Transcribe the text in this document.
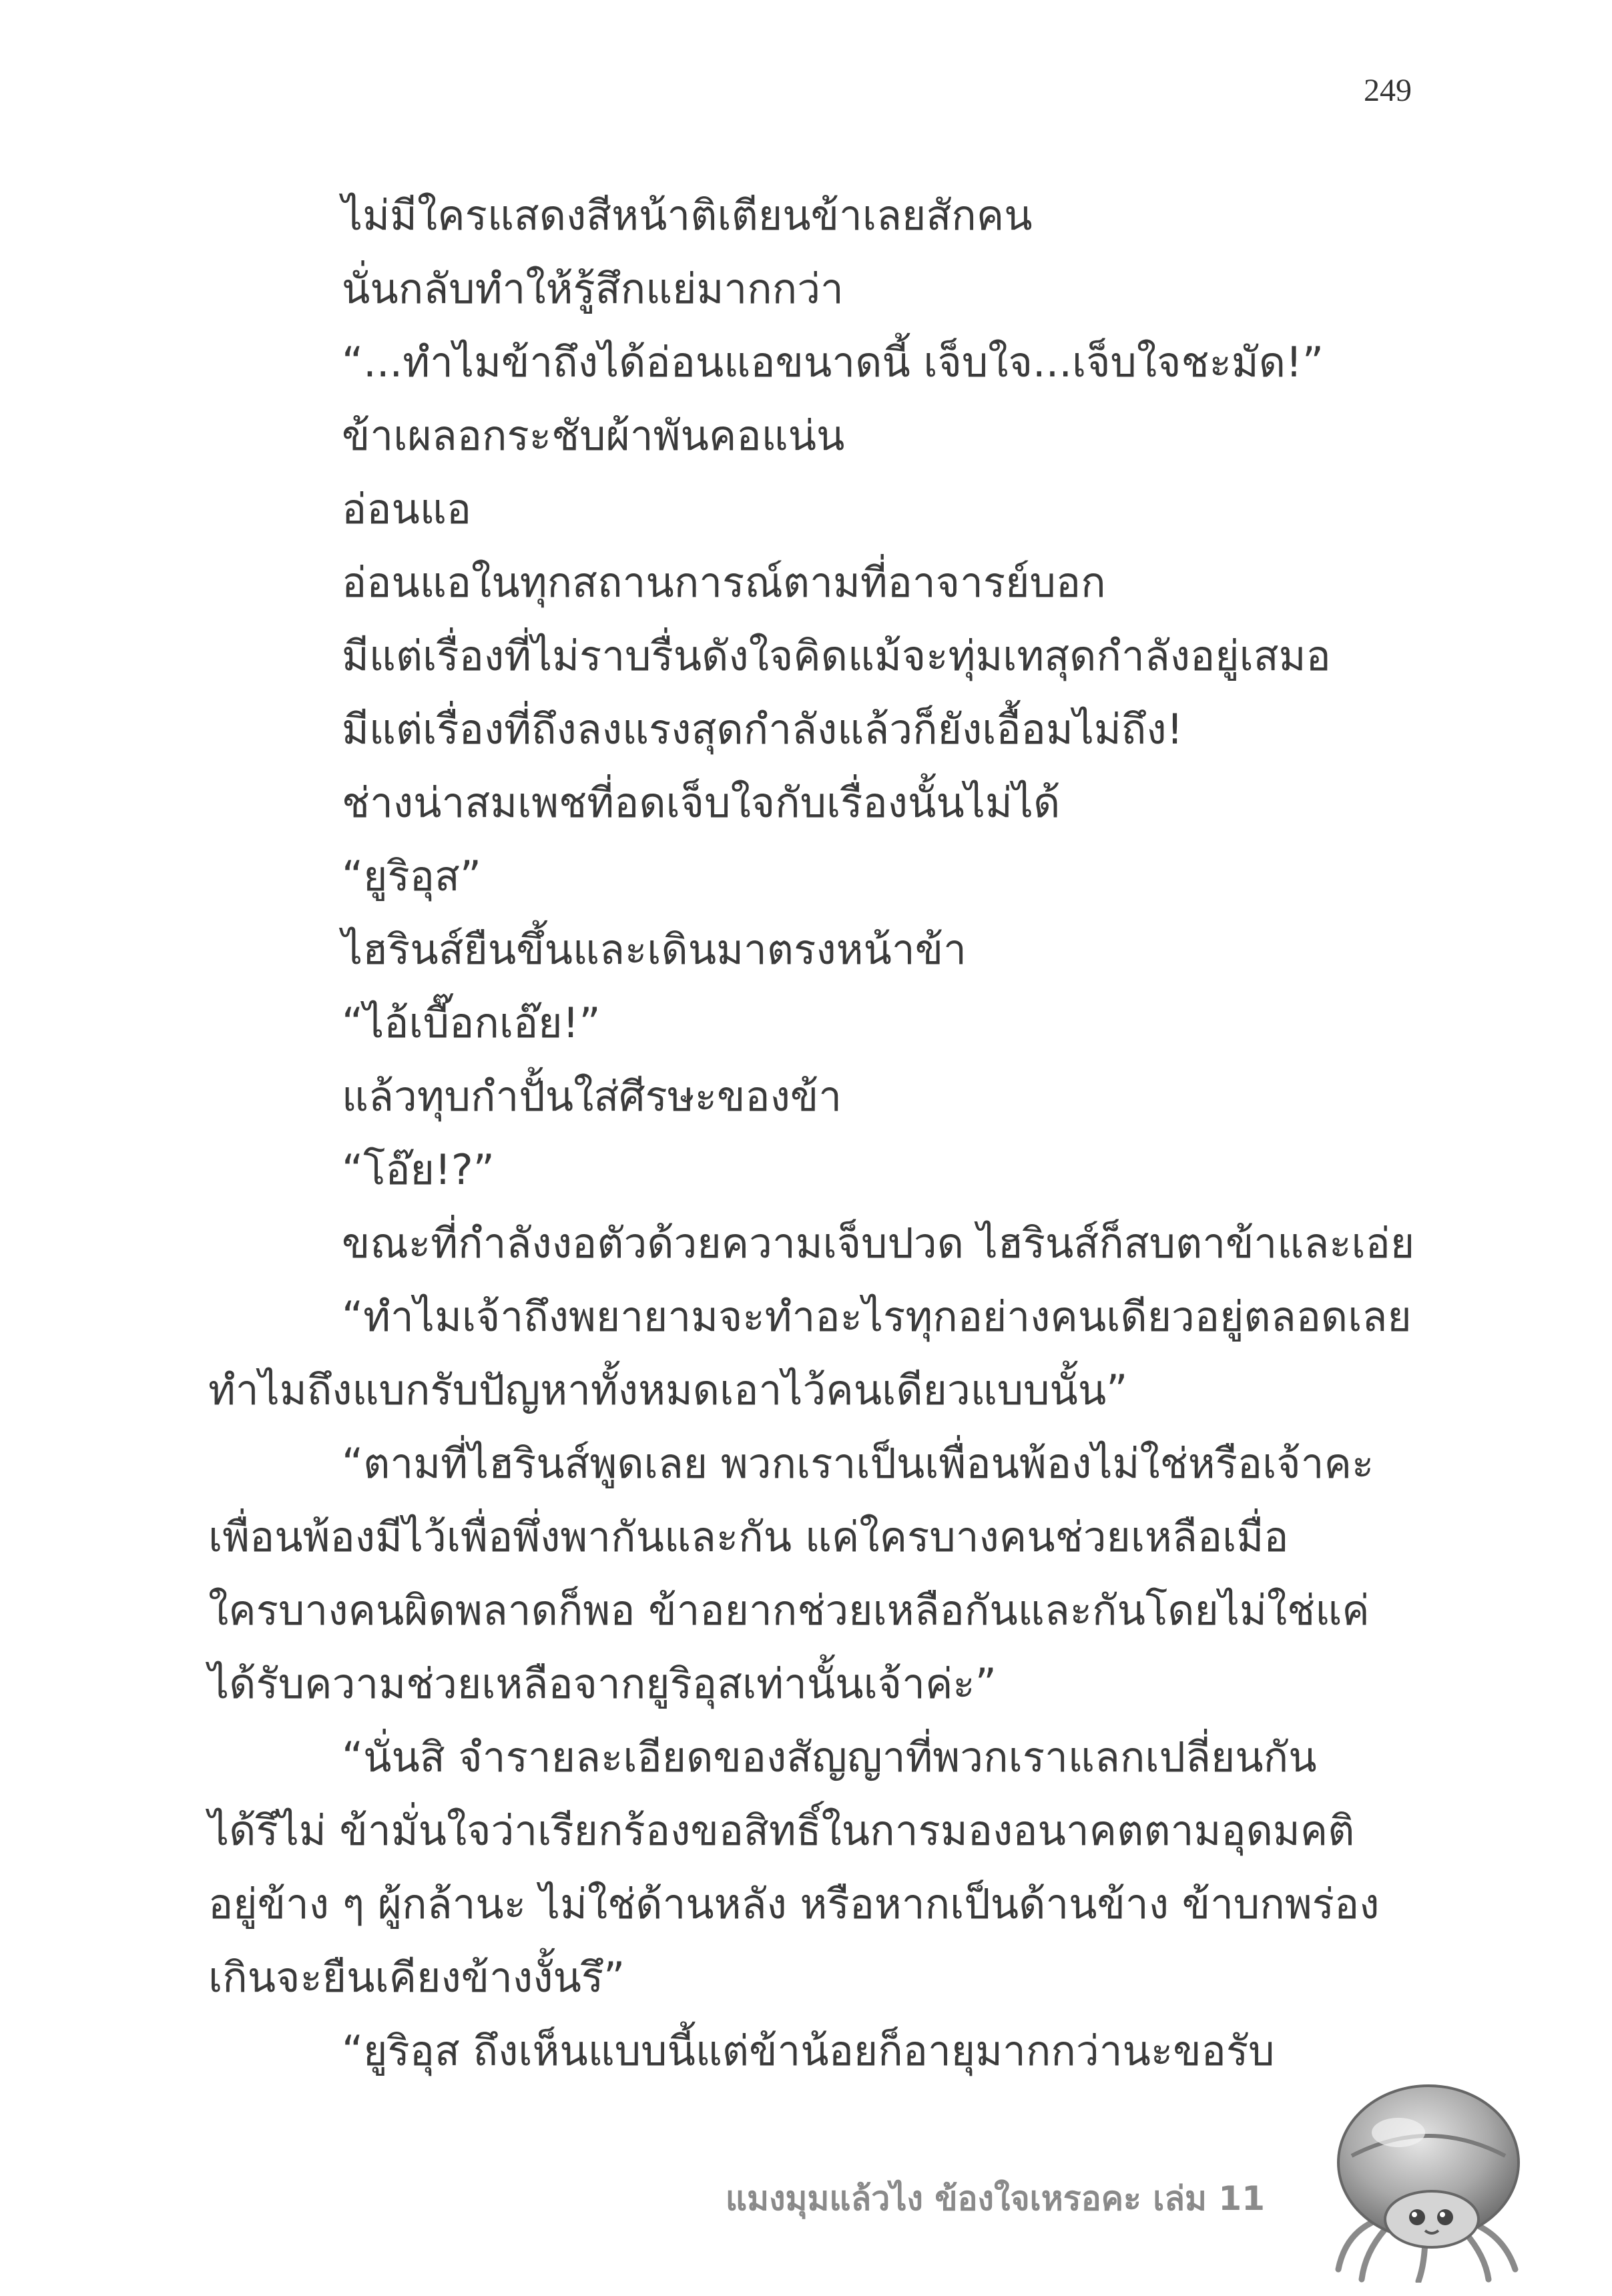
249

ไม่มีใครแสดงสีหน้าติเตียนข้าเลยสักคน

นั่นกลับทำให้รู้สึกแย่มากกว่า

“...ทำไมข้าถึงได้อ่อนแอขนาดนี้ เจ็บใจ...เจ็บใจชะมัด!”

ข้าเผลอกระชับผ้าพันคอแน่น

อ่อนแอ

อ่อนแอในทุกสถานการณ์ตามที่อาจารย์บอก

มีแต่เรื่องที่ไม่ราบรื่นดังใจคิดแม้จะทุ่มเทสุดกำลังอยู่เสมอ

มีแต่เรื่องที่ถึงลงแรงสุดกำลังแล้วก็ยังเอื้อมไม่ถึง!

ช่างน่าสมเพชที่อดเจ็บใจกับเรื่องนั้นไม่ได้

“ยูริอุส”

ไฮรินส์ยืนขึ้นและเดินมาตรงหน้าข้า

“ไอ้เบื๊อกเอ๊ย!”

แล้วทุบกำปั้นใส่ศีรษะของข้า

“โอ๊ย!?”

ขณะที่กำลังงอตัวด้วยความเจ็บปวด ไฮรินส์ก็สบตาข้าและเอ่ย

“ทำไมเจ้าถึงพยายามจะทำอะไรทุกอย่างคนเดียวอยู่ตลอดเลย

ทำไมถึงแบกรับปัญหาทั้งหมดเอาไว้คนเดียวแบบนั้น”

“ตามที่ไฮรินส์พูดเลย พวกเราเป็นเพื่อนพ้องไม่ใช่หรือเจ้าคะ

เพื่อนพ้องมีไว้เพื่อพึ่งพากันและกัน แค่ใครบางคนช่วยเหลือเมื่อ

ใครบางคนผิดพลาดก็พอ ข้าอยากช่วยเหลือกันและกันโดยไม่ใช่แค่

ได้รับความช่วยเหลือจากยูริอุสเท่านั้นเจ้าค่ะ”

“นั่นสิ จำรายละเอียดของสัญญาที่พวกเราแลกเปลี่ยนกัน

ได้รึไม่ ข้ามั่นใจว่าเรียกร้องขอสิทธิ์ในการมองอนาคตตามอุดมคติ

อยู่ข้าง ๆ ผู้กล้านะ ไม่ใช่ด้านหลัง หรือหากเป็นด้านข้าง ข้าบกพร่อง

เกินจะยืนเคียงข้างงั้นรึ”

“ยูริอุส ถึงเห็นแบบนี้แต่ข้าน้อยก็อายุมากกว่านะขอรับ

แมงมุมแล้วไง ข้องใจเหรอคะ เล่ม 11
